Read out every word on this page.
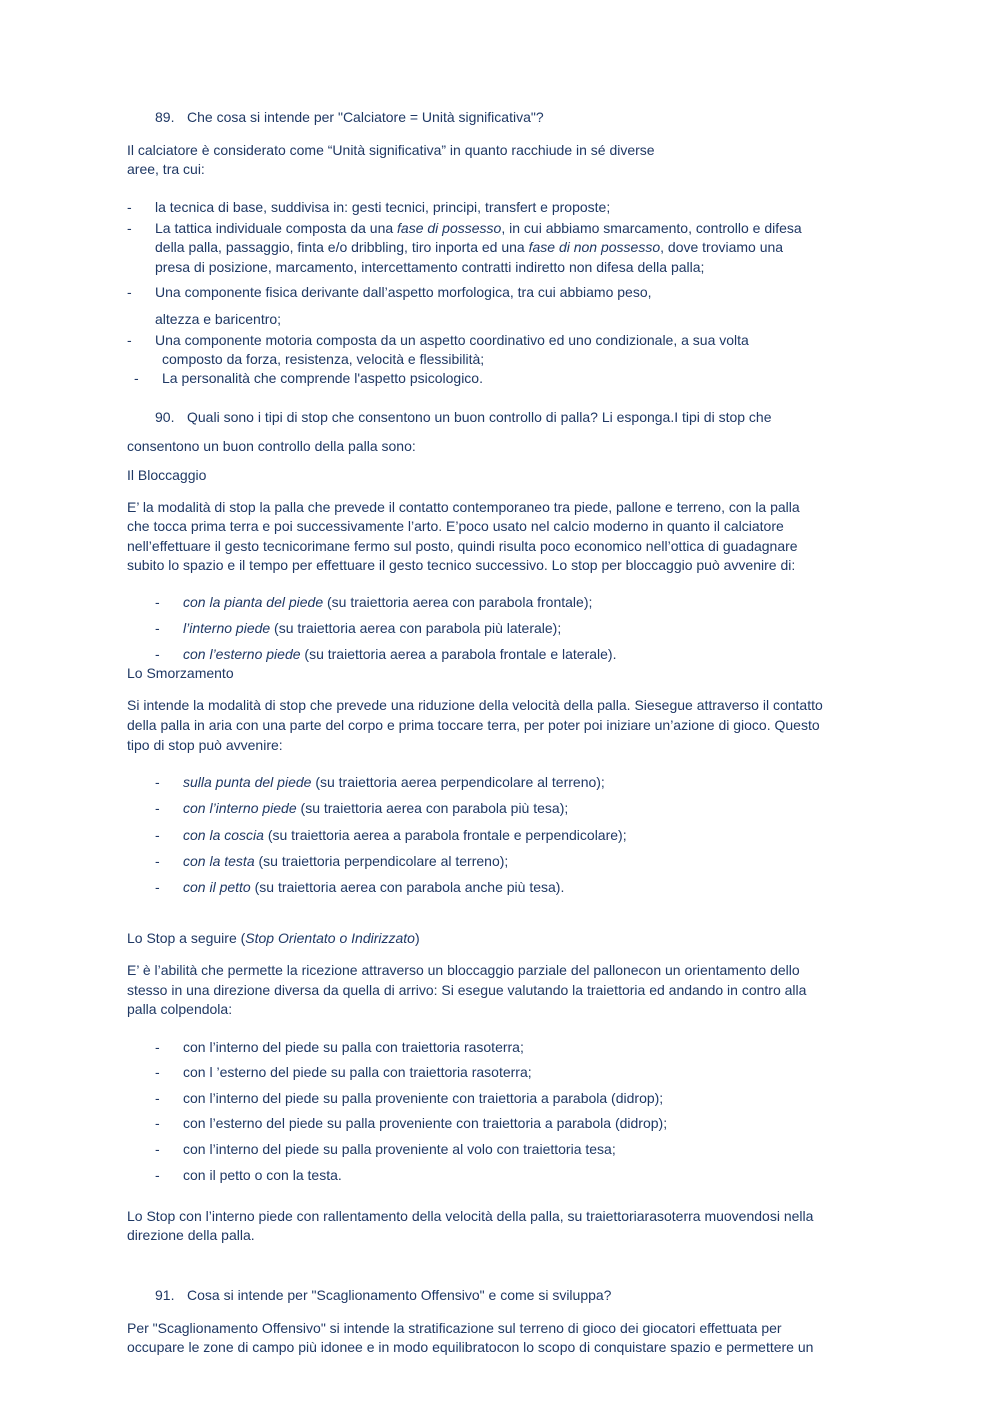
89. Che cosa si intende per "Calciatore = Unità significativa"?
Il calciatore è considerato come “Unità significativa” in quanto racchiude in sé diverse
aree, tra cui:
- la tecnica di base, suddivisa in: gesti tecnici, principi, transfert e proposte;
- La tattica individuale composta da una fase di possesso, in cui abbiamo smarcamento, controllo e difesa
della palla, passaggio, finta e/o dribbling, tiro inporta ed una fase di non possesso, dove troviamo una
presa di posizione, marcamento, intercettamento contratti indiretto non difesa della palla;
- Una componente fisica derivante dall’aspetto morfologica, tra cui abbiamo peso,
altezza e baricentro;
- Una componente motoria composta da un aspetto coordinativo ed uno condizionale, a sua volta
composto da forza, resistenza, velocità e flessibilità;
- La personalità che comprende l'aspetto psicologico.
90. Quali sono i tipi di stop che consentono un buon controllo di palla? Li esponga.I tipi di stop che
consentono un buon controllo della palla sono:
Il Bloccaggio
E’ la modalità di stop la palla che prevede il contatto contemporaneo tra piede, pallone e terreno, con la palla
che tocca prima terra e poi successivamente l’arto. E’poco usato nel calcio moderno in quanto il calciatore
nell’effettuare il gesto tecnicorimane fermo sul posto, quindi risulta poco economico nell’ottica di guadagnare
subito lo spazio e il tempo per effettuare il gesto tecnico successivo. Lo stop per bloccaggio può avvenire di:
- con la pianta del piede (su traiettoria aerea con parabola frontale);
- l’interno piede (su traiettoria aerea con parabola più laterale);
- con l’esterno piede (su traiettoria aerea a parabola frontale e laterale).
Lo Smorzamento
Si intende la modalità di stop che prevede una riduzione della velocità della palla. Siesegue attraverso il contatto
della palla in aria con una parte del corpo e prima toccare terra, per poter poi iniziare un’azione di gioco. Questo
tipo di stop può avvenire:
- sulla punta del piede (su traiettoria aerea perpendicolare al terreno);
- con l’interno piede (su traiettoria aerea con parabola più tesa);
- con la coscia (su traiettoria aerea a parabola frontale e perpendicolare);
- con la testa (su traiettoria perpendicolare al terreno);
- con il petto (su traiettoria aerea con parabola anche più tesa).
Lo Stop a seguire (Stop Orientato o Indirizzato)
E’ è l’abilità che permette la ricezione attraverso un bloccaggio parziale del pallonecon un orientamento dello
stesso in una direzione diversa da quella di arrivo: Si esegue valutando la traiettoria ed andando in contro alla
palla colpendola:
- con l’interno del piede su palla con traiettoria rasoterra;
- con l ’esterno del piede su palla con traiettoria rasoterra;
- con l’interno del piede su palla proveniente con traiettoria a parabola (didrop);
- con l’esterno del piede su palla proveniente con traiettoria a parabola (didrop);
- con l’interno del piede su palla proveniente al volo con traiettoria tesa;
- con il petto o con la testa.
Lo Stop con l’interno piede con rallentamento della velocità della palla, su traiettoriarasoterra muovendosi nella
direzione della palla.
91. Cosa si intende per "Scaglionamento Offensivo" e come si sviluppa?
Per "Scaglionamento Offensivo" si intende la stratificazione sul terreno di gioco dei giocatori effettuata per
occupare le zone di campo più idonee e in modo equilibratocon lo scopo di conquistare spazio e permettere un
